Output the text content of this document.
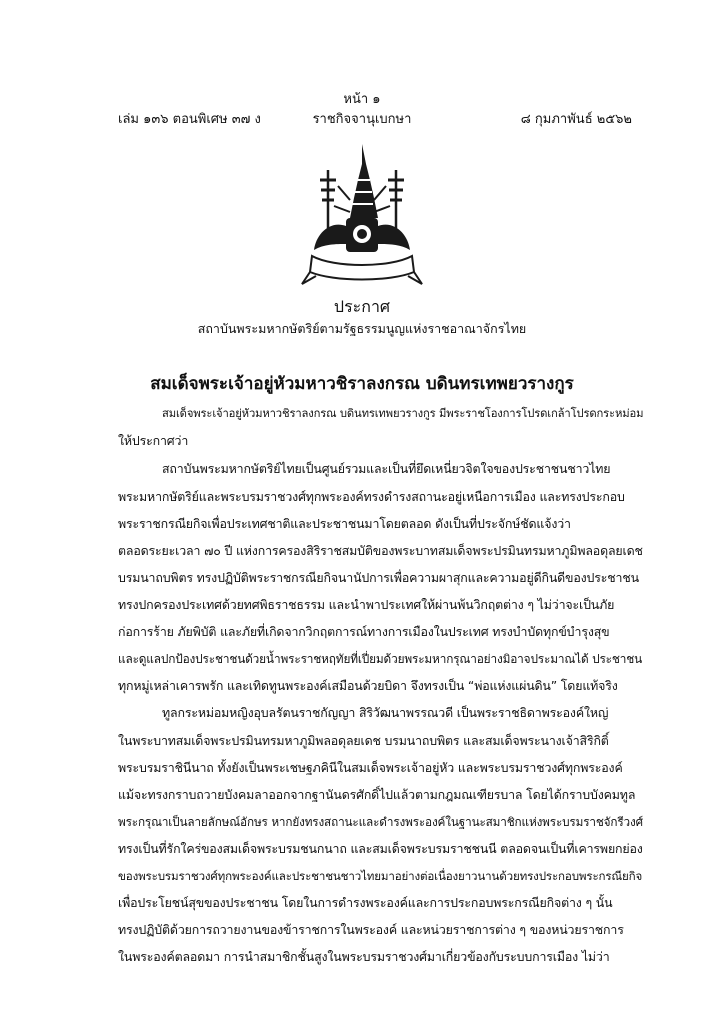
หน้า ๑
เล่ม ๑๓๖ ตอนพิเศษ ๓๗ ง	ราชกิจจานุเบกษา	๘ กุมภาพันธ์ ๒๕๖๒
ประกาศ
สถาบันพระมหากษัตริย์ตามรัฐธรรมนูญแห่งราชอาณาจักรไทย
สมเด็จพระเจ้าอยู่หัวมหาวชิราลงกรณ บดินทรเทพยวรางกูร
สมเด็จพระเจ้าอยู่หัวมหาวชิราลงกรณ บดินทรเทพยวรางกูร มีพระราชโองการโปรดเกล้าโปรดกระหม่อม
ให้ประกาศว่า
สถาบันพระมหากษัตริย์ไทยเป็นศูนย์รวมและเป็นที่ยึดเหนี่ยวจิตใจของประชาชนชาวไทย
พระมหากษัตริย์และพระบรมราชวงศ์ทุกพระองค์ทรงดำรงสถานะอยู่เหนือการเมือง และทรงประกอบ
พระราชกรณียกิจเพื่อประเทศชาติและประชาชนมาโดยตลอด ดังเป็นที่ประจักษ์ชัดแจ้งว่า
ตลอดระยะเวลา ๗๐ ปี แห่งการครองสิริราชสมบัติของพระบาทสมเด็จพระปรมินทรมหาภูมิพลอดุลยเดช
บรมนาถบพิตร ทรงปฏิบัติพระราชกรณียกิจนานัปการเพื่อความผาสุกและความอยู่ดีกินดีของประชาชน
ทรงปกครองประเทศด้วยทศพิธราชธรรม และนำพาประเทศให้ผ่านพ้นวิกฤตต่าง ๆ ไม่ว่าจะเป็นภัย
ก่อการร้าย ภัยพิบัติ และภัยที่เกิดจากวิกฤตการณ์ทางการเมืองในประเทศ ทรงบำบัดทุกข์บำรุงสุข
และดูแลปกป้องประชาชนด้วยน้ำพระราชหฤทัยที่เปี่ยมด้วยพระมหากรุณาอย่างมิอาจประมาณได้ ประชาชน
ทุกหมู่เหล่าเคารพรัก และเทิดทูนพระองค์เสมือนด้วยบิดา จึงทรงเป็น “พ่อแห่งแผ่นดิน” โดยแท้จริง
ทูลกระหม่อมหญิงอุบลรัตนราชกัญญา สิริวัฒนาพรรณวดี เป็นพระราชธิดาพระองค์ใหญ่
ในพระบาทสมเด็จพระปรมินทรมหาภูมิพลอดุลยเดช บรมนาถบพิตร และสมเด็จพระนางเจ้าสิริกิติ์
พระบรมราชินีนาถ ทั้งยังเป็นพระเชษฐภคินีในสมเด็จพระเจ้าอยู่หัว และพระบรมราชวงศ์ทุกพระองค์
แม้จะทรงกราบถวายบังคมลาออกจากฐานันดรศักดิ์ไปแล้วตามกฎมณเฑียรบาล โดยได้กราบบังคมทูล
พระกรุณาเป็นลายลักษณ์อักษร หากยังทรงสถานะและดำรงพระองค์ในฐานะสมาชิกแห่งพระบรมราชจักรีวงศ์
ทรงเป็นที่รักใคร่ของสมเด็จพระบรมชนกนาถ และสมเด็จพระบรมราชชนนี ตลอดจนเป็นที่เคารพยกย่อง
ของพระบรมราชวงศ์ทุกพระองค์และประชาชนชาวไทยมาอย่างต่อเนื่องยาวนานด้วยทรงประกอบพระกรณียกิจ
เพื่อประโยชน์สุขของประชาชน โดยในการดำรงพระองค์และการประกอบพระกรณียกิจต่าง ๆ นั้น
ทรงปฏิบัติด้วยการถวายงานของข้าราชการในพระองค์ และหน่วยราชการต่าง ๆ ของหน่วยราชการ
ในพระองค์ตลอดมา การนำสมาชิกชั้นสูงในพระบรมราชวงศ์มาเกี่ยวข้องกับระบบการเมือง ไม่ว่า
